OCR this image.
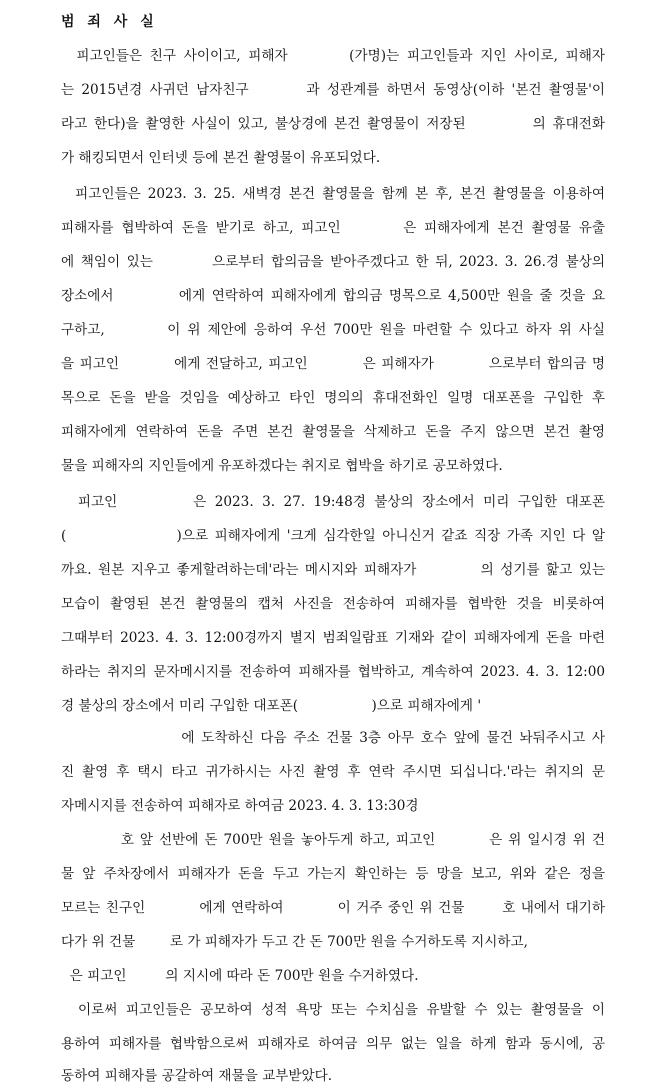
범 죄 사 실
피고인들은 친구 사이이고, 피해자        (가명)는 피고인들과 지인 사이로, 피해자
는 2015년경 사귀던 남자친구        과 성관계를 하면서 동영상(이하 '본건 촬영물'이
라고 한다)을 촬영한 사실이 있고, 불상경에 본건 촬영물이 저장된          의 휴대전화
가 해킹되면서 인터넷 등에 본건 촬영물이 유포되었다.
피고인들은 2023. 3. 25. 새벽경 본건 촬영물을 함께 본 후, 본건 촬영물을 이용하여
피해자를 협박하여 돈을 받기로 하고, 피고인        은 피해자에게 본건 촬영물 유출
에 책임이 있는         으로부터 합의금을 받아주겠다고 한 뒤, 2023. 3. 26.경 불상의
장소에서          에게 연락하여 피해자에게 합의금 명목으로 4,500만 원을 줄 것을 요
구하고,         이 위 제안에 응하여 우선 700만 원을 마련할 수 있다고 하자 위 사실
을 피고인          에게 전달하고, 피고인          은 피해자가          으로부터 합의금 명
목으로 돈을 받을 것임을 예상하고 타인 명의의 휴대전화인 일명 대포폰을 구입한 후
피해자에게 연락하여 돈을 주면 본건 촬영물을 삭제하고 돈을 주지 않으면 본건 촬영
물을 피해자의 지인들에게 유포하겠다는 취지로 협박을 하기로 공모하였다.
피고인         은 2023. 3. 27. 19:48경 불상의 장소에서 미리 구입한 대포폰
(                 )으로 피해자에게 '크게 심각한일 아니신거 같죠 직장 가족 지인 다 알
까요. 원본 지우고 좋게할려하는데'라는 메시지와 피해자가          의 성기를 핥고 있는
모습이 촬영된 본건 촬영물의 캡처 사진을 전송하여 피해자를 협박한 것을 비롯하여
그때부터 2023. 4. 3. 12:00경까지 별지 범죄일람표 기재와 같이 피해자에게 돈을 마련
하라는 취지의 문자메시지를 전송하여 피해자를 협박하고, 계속하여 2023. 4. 3. 12:00
경 불상의 장소에서 미리 구입한 대포폰(                 )으로 피해자에게 '
에 도착하신 다음 주소 건물 3층 아무 호수 앞에 물건 놔둬주시고 사
진 촬영 후 택시 타고 귀가하시는 사진 촬영 후 연락 주시면 되십니다.'라는 취지의 문
자메시지를 전송하여 피해자로 하여금 2023. 4. 3. 13:30경
호 앞 선반에 돈 700만 원을 놓아두게 하고, 피고인         은 위 일시경 위 건
물 앞 주차장에서 피해자가 돈을 두고 가는지 확인하는 등 망을 보고, 위와 같은 정을
모르는 친구인          에게 연락하여          이 거주 중인 위 건물       호 내에서 대기하
다가 위 건물        로 가 피해자가 두고 간 돈 700만 원을 수거하도록 지시하고,
은 피고인         의 지시에 따라 돈 700만 원을 수거하였다.
이로써 피고인들은 공모하여 성적 욕망 또는 수치심을 유발할 수 있는 촬영물을 이
용하여 피해자를 협박함으로써 피해자로 하여금 의무 없는 일을 하게 함과 동시에, 공
동하여 피해자를 공갈하여 재물을 교부받았다.
